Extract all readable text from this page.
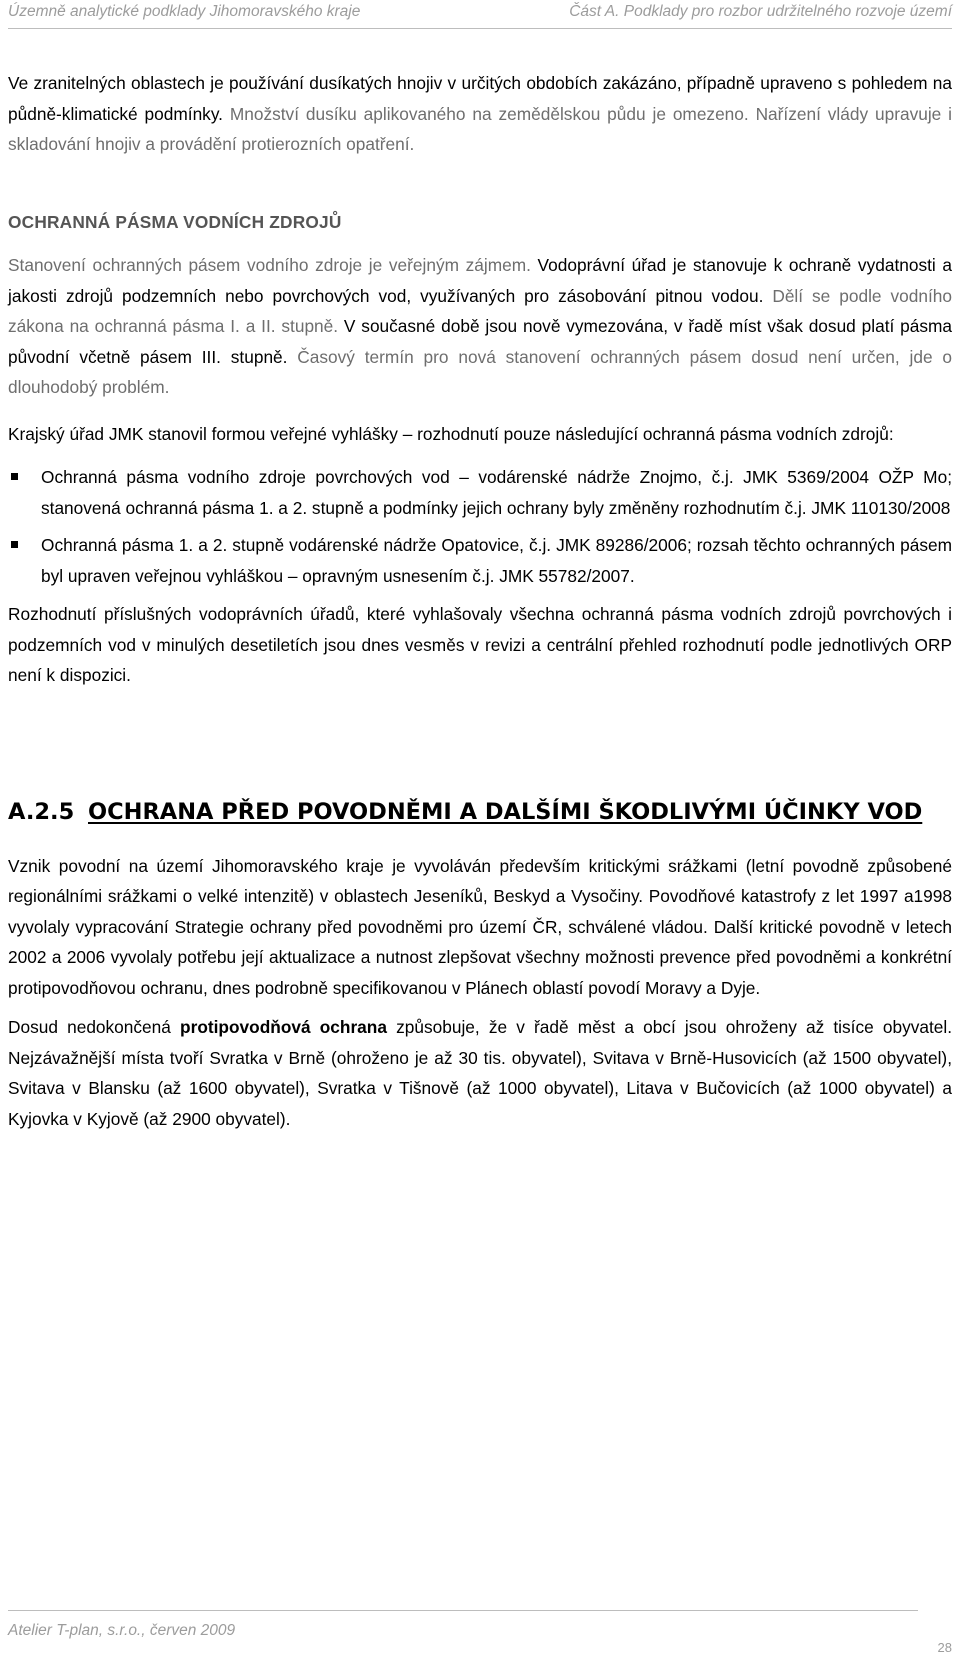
Územně analytické podklady Jihomoravského kraje	Část A. Podklady pro rozbor udržitelného rozvoje území

Ve zranitelných oblastech je používání dusíkatých hnojiv v určitých obdobích zakázáno, případně upraveno s pohledem na půdně-klimatické podmínky. Množství dusíku aplikovaného na zemědělskou půdu je omezeno. Nařízení vlády upravuje i skladování hnojiv a provádění protierozních opatření.

OCHRANNÁ PÁSMA VODNÍCH ZDROJŮ

Stanovení ochranných pásem vodního zdroje je veřejným zájmem. Vodoprávní úřad je stanovuje k ochraně vydatnosti a jakosti zdrojů podzemních nebo povrchových vod, využívaných pro zásobování pitnou vodou. Dělí se podle vodního zákona na ochranná pásma I. a II. stupně. V současné době jsou nově vymezována, v řadě míst však dosud platí pásma původní včetně pásem III. stupně. Časový termín pro nová stanovení ochranných pásem dosud není určen, jde o dlouhodobý problém.

Krajský úřad JMK stanovil formou veřejné vyhlášky – rozhodnutí pouze následující ochranná pásma vodních zdrojů:

Ochranná pásma vodního zdroje povrchových vod – vodárenské nádrže Znojmo, č.j. JMK 5369/2004 OŽP Mo; stanovená ochranná pásma 1. a 2. stupně a podmínky jejich ochrany byly změněny rozhodnutím č.j. JMK 110130/2008
Ochranná pásma 1. a 2. stupně vodárenské nádrže Opatovice, č.j. JMK 89286/2006; rozsah těchto ochranných pásem byl upraven veřejnou vyhláškou – opravným usnesením č.j. JMK 55782/2007.

Rozhodnutí příslušných vodoprávních úřadů, které vyhlašovaly všechna ochranná pásma vodních zdrojů povrchových i podzemních vod v minulých desetiletích jsou dnes vesměs v revizi a centrální přehled rozhodnutí podle jednotlivých ORP není k dispozici.

A.2.5 OCHRANA PŘED POVODNĚMI A DALŠÍMI ŠKODLIVÝMI ÚČINKY VOD

Vznik povodní na území Jihomoravského kraje je vyvoláván především kritickými srážkami (letní povodně způsobené regionálními srážkami o velké intenzitě) v oblastech Jeseníků, Beskyd a Vysočiny. Povodňové katastrofy z let 1997 a1998 vyvolaly vypracování Strategie ochrany před povodněmi pro území ČR, schválené vládou. Další kritické povodně v letech 2002 a 2006 vyvolaly potřebu její aktualizace a nutnost zlepšovat všechny možnosti prevence před povodněmi a konkrétní protipovodňovou ochranu, dnes podrobně specifikovanou v Plánech oblastí povodí Moravy a Dyje.

Dosud nedokončená protipovodňová ochrana způsobuje, že v řadě měst a obcí jsou ohroženy až tisíce obyvatel. Nejzávažnější místa tvoří Svratka v Brně (ohroženo je až 30 tis. obyvatel), Svitava v Brně-Husovicích (až 1500 obyvatel), Svitava v Blansku (až 1600 obyvatel), Svratka v Tišnově (až 1000 obyvatel), Litava v Bučovicích (až 1000 obyvatel) a Kyjovka v Kyjově (až 2900 obyvatel).

Atelier T-plan, s.r.o., červen 2009
28
